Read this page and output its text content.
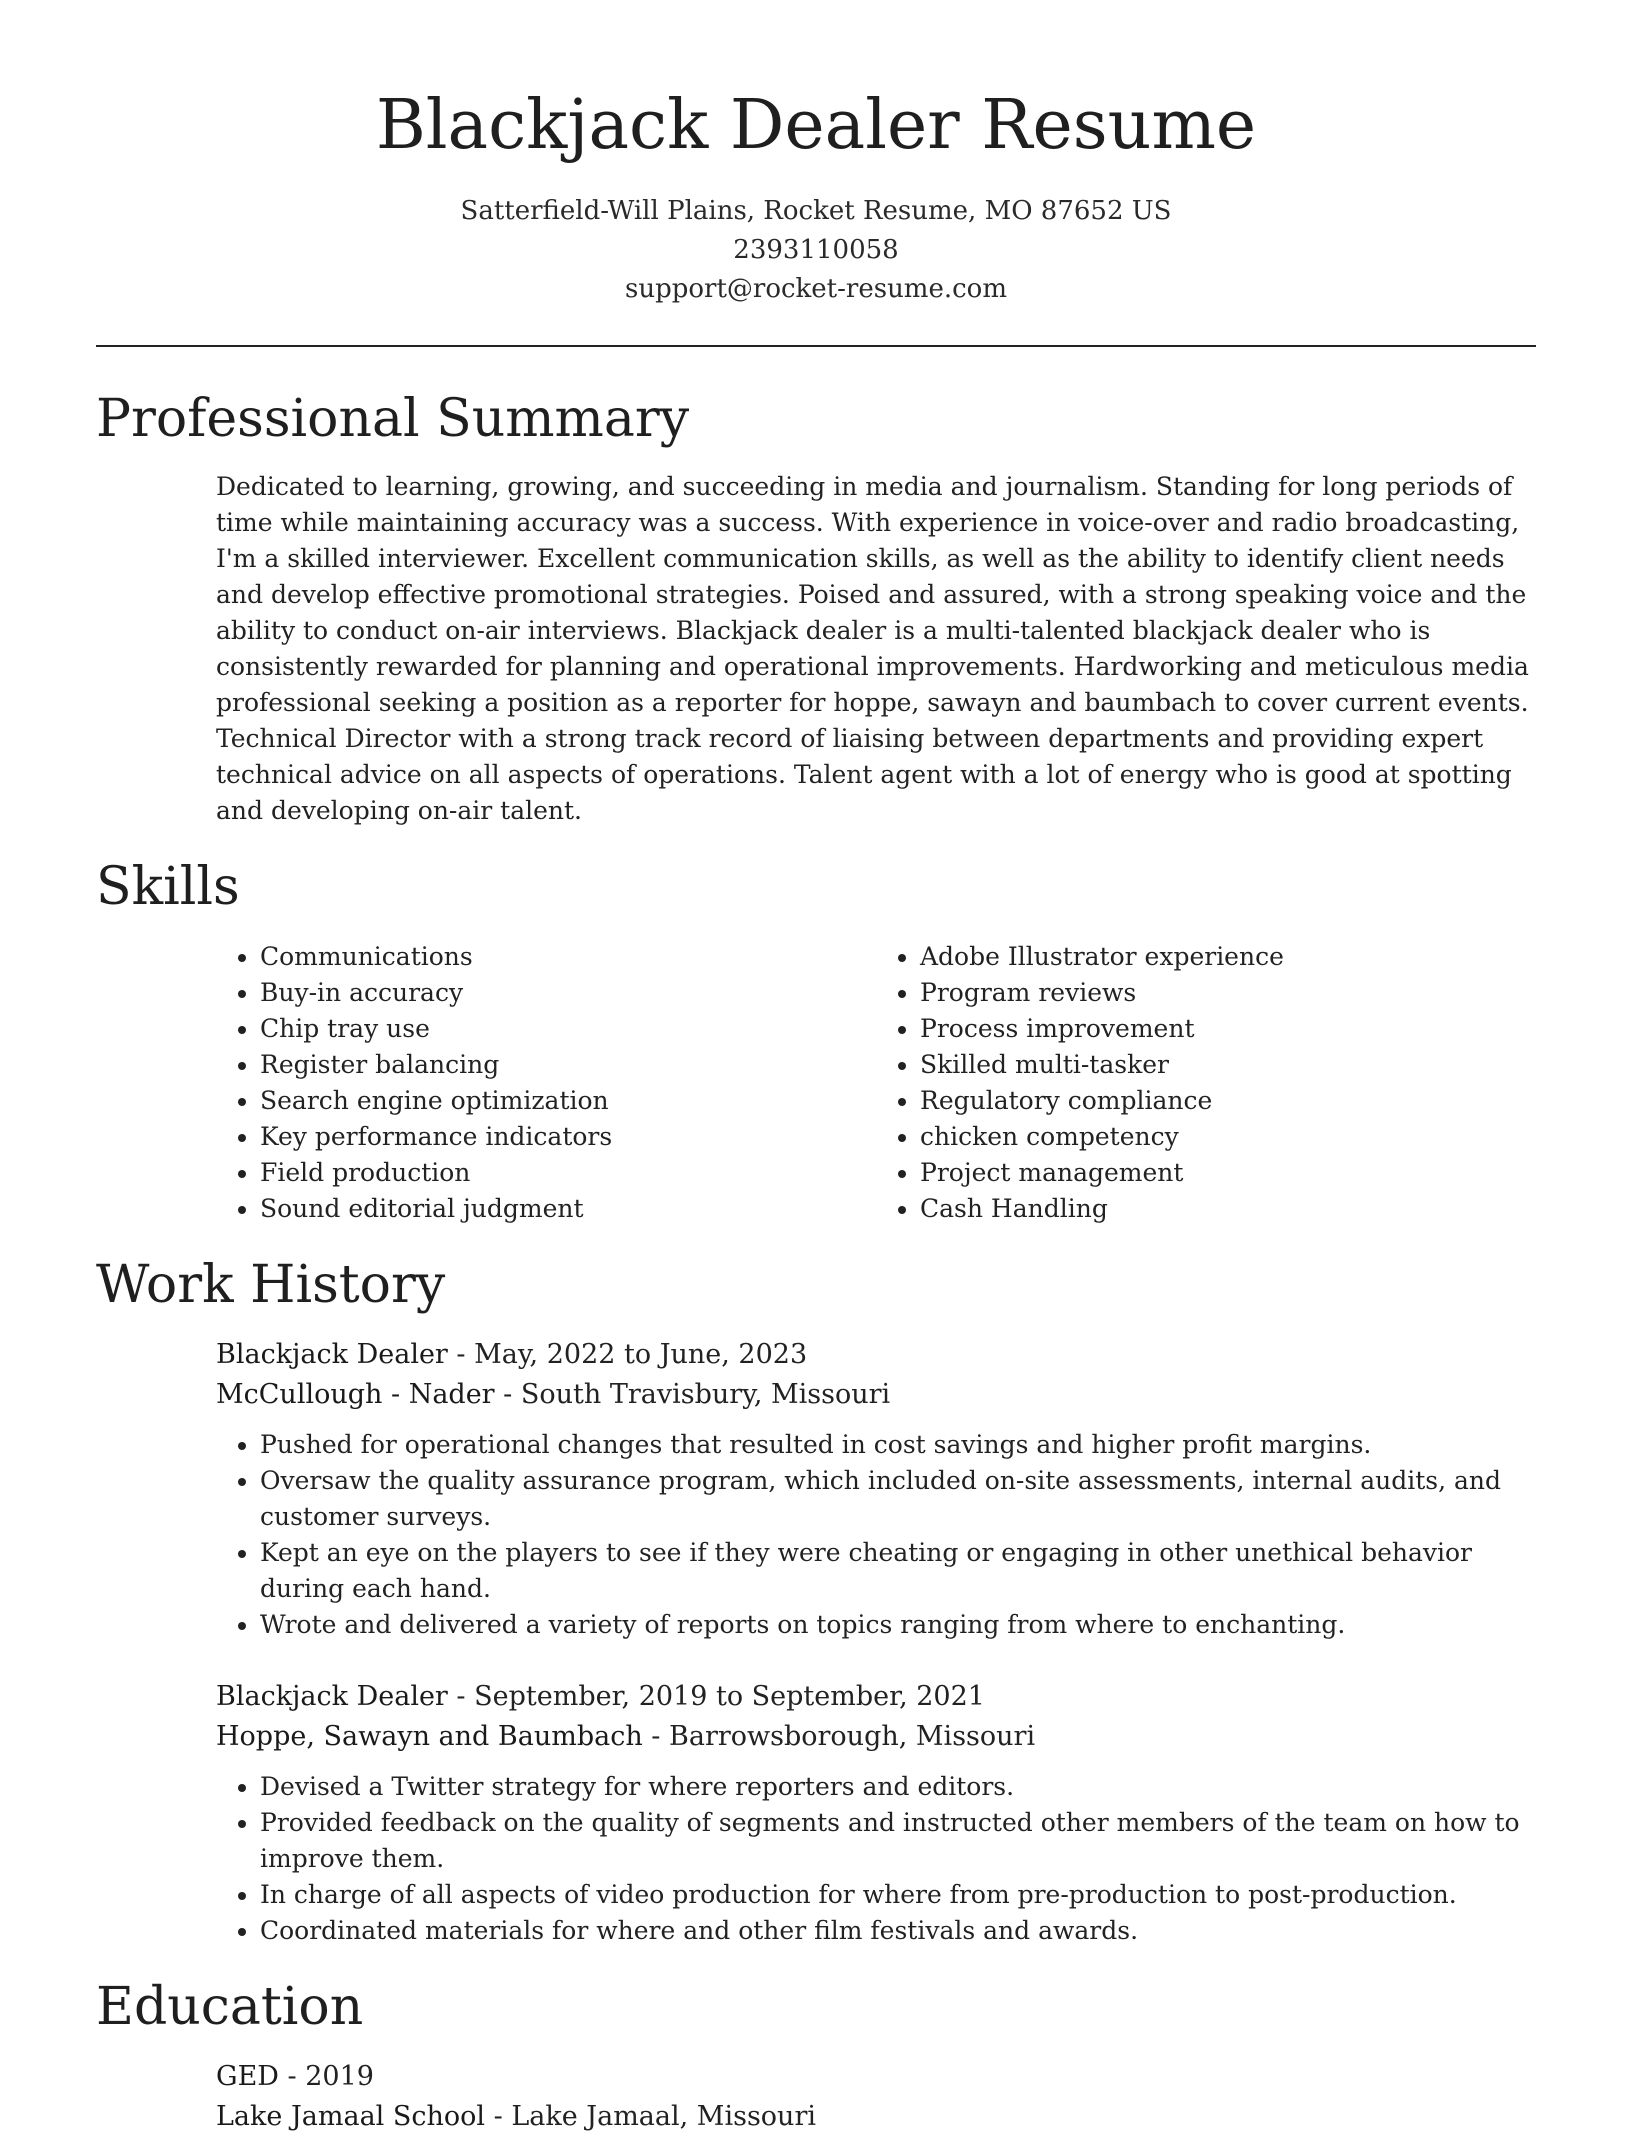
Blackjack Dealer Resume
Satterfield-Will Plains, Rocket Resume, MO 87652 US
2393110058
support@rocket-resume.com
Professional Summary
Dedicated to learning, growing, and succeeding in media and journalism. Standing for long periods of time while maintaining accuracy was a success. With experience in voice-over and radio broadcasting, I'm a skilled interviewer. Excellent communication skills, as well as the ability to identify client needs and develop effective promotional strategies. Poised and assured, with a strong speaking voice and the ability to conduct on-air interviews. Blackjack dealer is a multi-talented blackjack dealer who is consistently rewarded for planning and operational improvements. Hardworking and meticulous media professional seeking a position as a reporter for hoppe, sawayn and baumbach to cover current events. Technical Director with a strong track record of liaising between departments and providing expert technical advice on all aspects of operations. Talent agent with a lot of energy who is good at spotting and developing on-air talent.
Skills
• Communications
• Buy-in accuracy
• Chip tray use
• Register balancing
• Search engine optimization
• Key performance indicators
• Field production
• Sound editorial judgment
• Adobe Illustrator experience
• Program reviews
• Process improvement
• Skilled multi-tasker
• Regulatory compliance
• chicken competency
• Project management
• Cash Handling
Work History
Blackjack Dealer - May, 2022 to June, 2023
McCullough - Nader - South Travisbury, Missouri
• Pushed for operational changes that resulted in cost savings and higher profit margins.
• Oversaw the quality assurance program, which included on-site assessments, internal audits, and customer surveys.
• Kept an eye on the players to see if they were cheating or engaging in other unethical behavior during each hand.
• Wrote and delivered a variety of reports on topics ranging from where to enchanting.
Blackjack Dealer - September, 2019 to September, 2021
Hoppe, Sawayn and Baumbach - Barrowsborough, Missouri
• Devised a Twitter strategy for where reporters and editors.
• Provided feedback on the quality of segments and instructed other members of the team on how to improve them.
• In charge of all aspects of video production for where from pre-production to post-production.
• Coordinated materials for where and other film festivals and awards.
Education
GED - 2019
Lake Jamaal School - Lake Jamaal, Missouri
